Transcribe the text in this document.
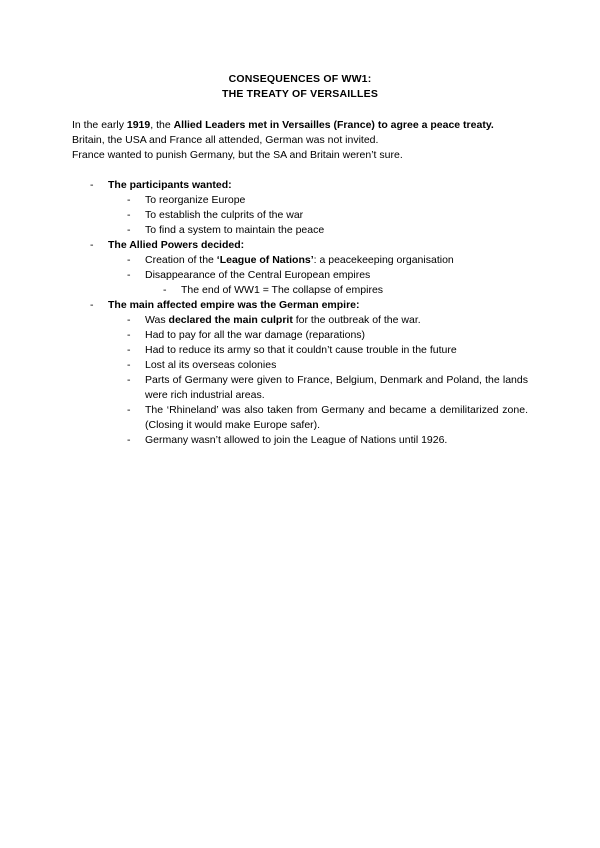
CONSEQUENCES OF WW1:
THE TREATY OF VERSAILLES
In the early 1919, the Allied Leaders met in Versailles (France) to agree a peace treaty.
Britain, the USA and France all attended, German was not invited.
France wanted to punish Germany, but the SA and Britain weren’t sure.
- The participants wanted:
- To reorganize Europe
- To establish the culprits of the war
- To find a system to maintain the peace
- The Allied Powers decided:
- Creation of the ‘League of Nations’: a peacekeeping organisation
- Disappearance of the Central European empires
- The end of WW1 = The collapse of empires
- The main affected empire was the German empire:
- Was declared the main culprit for the outbreak of the war.
- Had to pay for all the war damage (reparations)
- Had to reduce its army so that it couldn’t cause trouble in the future
- Lost al its overseas colonies
- Parts of Germany were given to France, Belgium, Denmark and Poland, the lands were rich industrial areas.
- The ‘Rhineland’ was also taken from Germany and became a demilitarized zone. (Closing it would make Europe safer).
- Germany wasn’t allowed to join the League of Nations until 1926.
